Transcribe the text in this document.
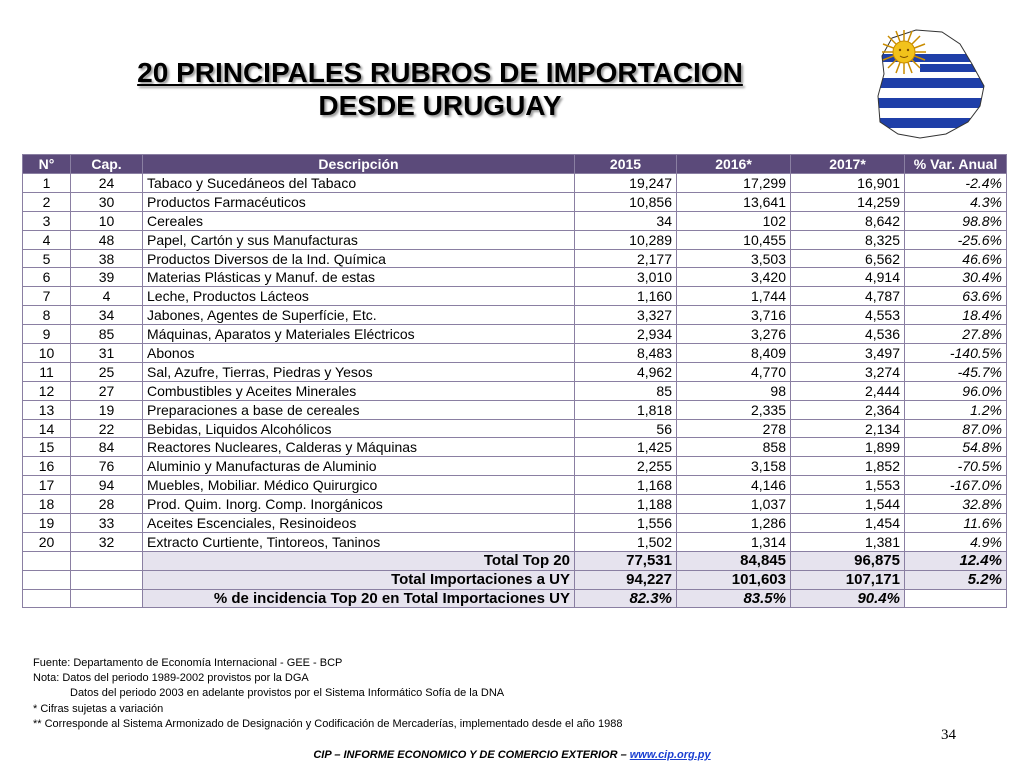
20 PRINCIPALES RUBROS DE IMPORTACION
DESDE URUGUAY
N°	Cap.	Descripción	2015	2016*	2017*	% Var. Anual
1	24	Tabaco y Sucedáneos del Tabaco	19,247	17,299	16,901	-2.4%
2	30	Productos Farmacéuticos	10,856	13,641	14,259	4.3%
3	10	Cereales	34	102	8,642	98.8%
4	48	Papel, Cartón y sus Manufacturas	10,289	10,455	8,325	-25.6%
5	38	Productos Diversos de la Ind. Química	2,177	3,503	6,562	46.6%
6	39	Materias Plásticas y Manuf. de estas	3,010	3,420	4,914	30.4%
7	4	Leche, Productos Lácteos	1,160	1,744	4,787	63.6%
8	34	Jabones, Agentes de Superfície, Etc.	3,327	3,716	4,553	18.4%
9	85	Máquinas, Aparatos y Materiales Eléctricos	2,934	3,276	4,536	27.8%
10	31	Abonos	8,483	8,409	3,497	-140.5%
11	25	Sal, Azufre, Tierras, Piedras y Yesos	4,962	4,770	3,274	-45.7%
12	27	Combustibles y Aceites Minerales	85	98	2,444	96.0%
13	19	Preparaciones a base de cereales	1,818	2,335	2,364	1.2%
14	22	Bebidas, Liquidos Alcohólicos	56	278	2,134	87.0%
15	84	Reactores Nucleares, Calderas y Máquinas	1,425	858	1,899	54.8%
16	76	Aluminio y Manufacturas de Aluminio	2,255	3,158	1,852	-70.5%
17	94	Muebles, Mobiliar. Médico Quirurgico	1,168	4,146	1,553	-167.0%
18	28	Prod. Quim. Inorg. Comp. Inorgánicos	1,188	1,037	1,544	32.8%
19	33	Aceites Escenciales, Resinoideos	1,556	1,286	1,454	11.6%
20	32	Extracto Curtiente, Tintoreos, Taninos	1,502	1,314	1,381	4.9%
		Total Top 20	77,531	84,845	96,875	12.4%
		Total Importaciones a UY	94,227	101,603	107,171	5.2%
		% de incidencia Top 20 en Total Importaciones UY	82.3%	83.5%	90.4%	
Fuente: Departamento de Economía Internacional - GEE - BCP
Nota: Datos del periodo 1989-2002 provistos por la DGA
Datos del periodo 2003 en adelante provistos por el Sistema Informático Sofía de la DNA
* Cifras sujetas a variación
** Corresponde al Sistema Armonizado de Designación y Codificación de Mercaderías, implementado desde el año 1988
34
CIP – INFORME ECONOMICO Y DE COMERCIO EXTERIOR – www.cip.org.py
